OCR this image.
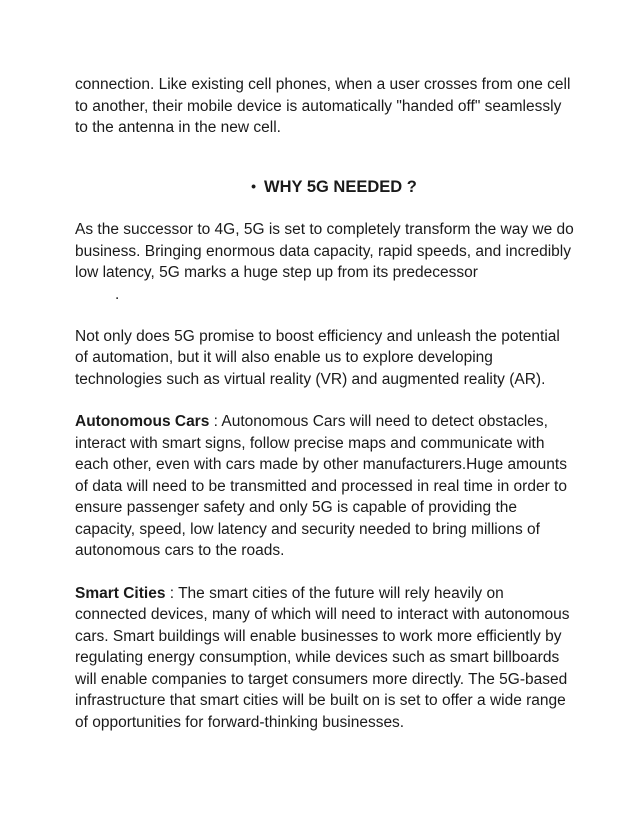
connection. Like existing cell phones, when a user crosses from one cell to another, their mobile device is automatically "handed off" seamlessly to the antenna in the new cell.

• WHY 5G NEEDED ?

As the successor to 4G, 5G is set to completely transform the way we do business. Bringing enormous data capacity, rapid speeds, and incredibly low latency, 5G marks a huge step up from its predecessor

.

Not only does 5G promise to boost efficiency and unleash the potential of automation, but it will also enable us to explore developing technologies such as virtual reality (VR) and augmented reality (AR).

Autonomous Cars : Autonomous Cars will need to detect obstacles, interact with smart signs, follow precise maps and communicate with each other, even with cars made by other manufacturers.Huge amounts of data will need to be transmitted and processed in real time in order to ensure passenger safety and only 5G is capable of providing the capacity, speed, low latency and security needed to bring millions of autonomous cars to the roads.

Smart Cities : The smart cities of the future will rely heavily on connected devices, many of which will need to interact with autonomous cars. Smart buildings will enable businesses to work more efficiently by regulating energy consumption, while devices such as smart billboards will enable companies to target consumers more directly. The 5G-based infrastructure that smart cities will be built on is set to offer a wide range of opportunities for forward-thinking businesses.
